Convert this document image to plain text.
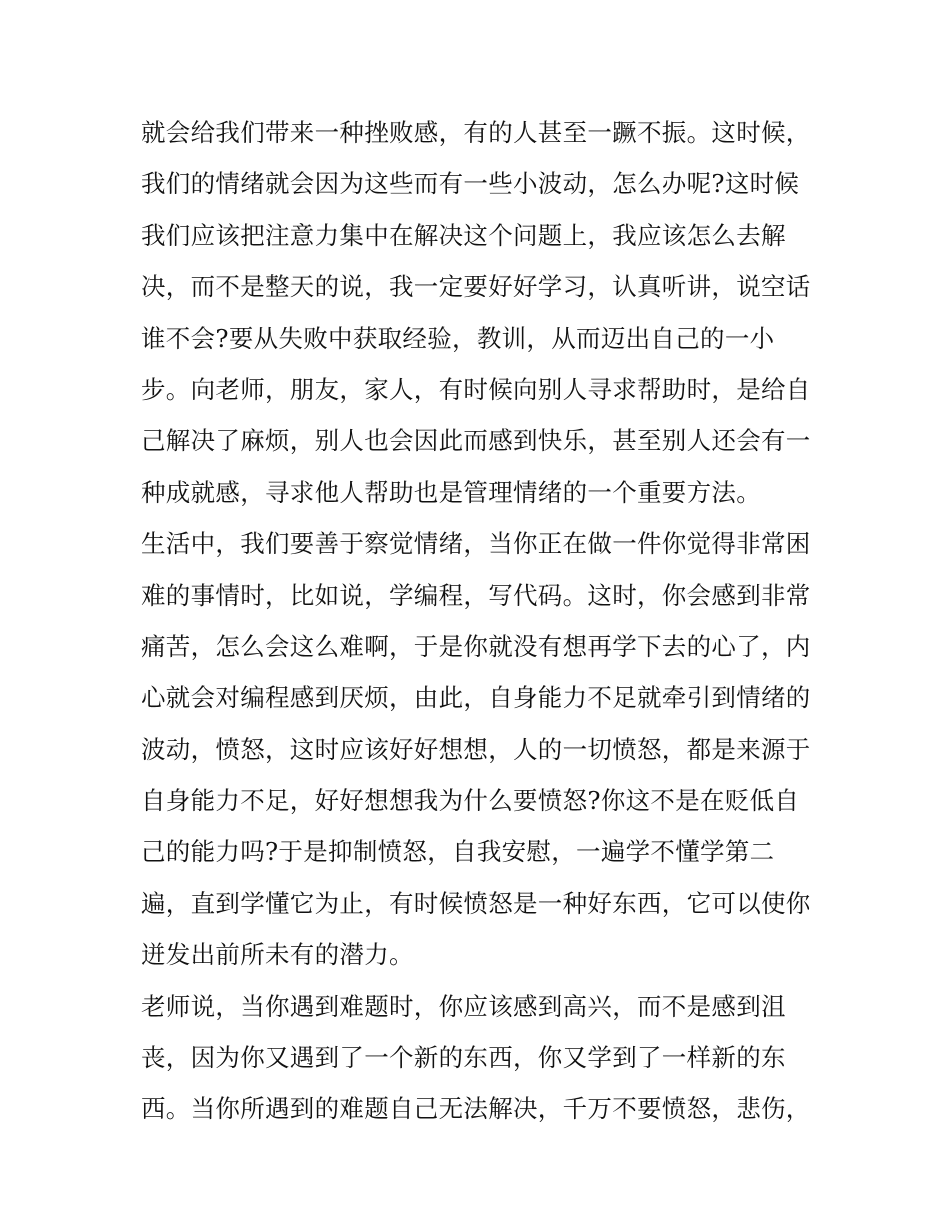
就会给我们带来一种挫败感，有的人甚至一蹶不振。这时候，
我们的情绪就会因为这些而有一些小波动，怎么办呢?这时候
我们应该把注意力集中在解决这个问题上，我应该怎么去解
决，而不是整天的说，我一定要好好学习，认真听讲，说空话
谁不会?要从失败中获取经验，教训，从而迈出自己的一小
步。向老师，朋友，家人，有时候向别人寻求帮助时，是给自
己解决了麻烦，别人也会因此而感到快乐，甚至别人还会有一
种成就感，寻求他人帮助也是管理情绪的一个重要方法。
生活中，我们要善于察觉情绪，当你正在做一件你觉得非常困
难的事情时，比如说，学编程，写代码。这时，你会感到非常
痛苦，怎么会这么难啊，于是你就没有想再学下去的心了，内
心就会对编程感到厌烦，由此，自身能力不足就牵引到情绪的
波动，愤怒，这时应该好好想想，人的一切愤怒，都是来源于
自身能力不足，好好想想我为什么要愤怒?你这不是在贬低自
己的能力吗?于是抑制愤怒，自我安慰，一遍学不懂学第二
遍，直到学懂它为止，有时候愤怒是一种好东西，它可以使你
迸发出前所未有的潜力。
老师说，当你遇到难题时，你应该感到高兴，而不是感到沮
丧，因为你又遇到了一个新的东西，你又学到了一样新的东
西。当你所遇到的难题自己无法解决，千万不要愤怒，悲伤，
